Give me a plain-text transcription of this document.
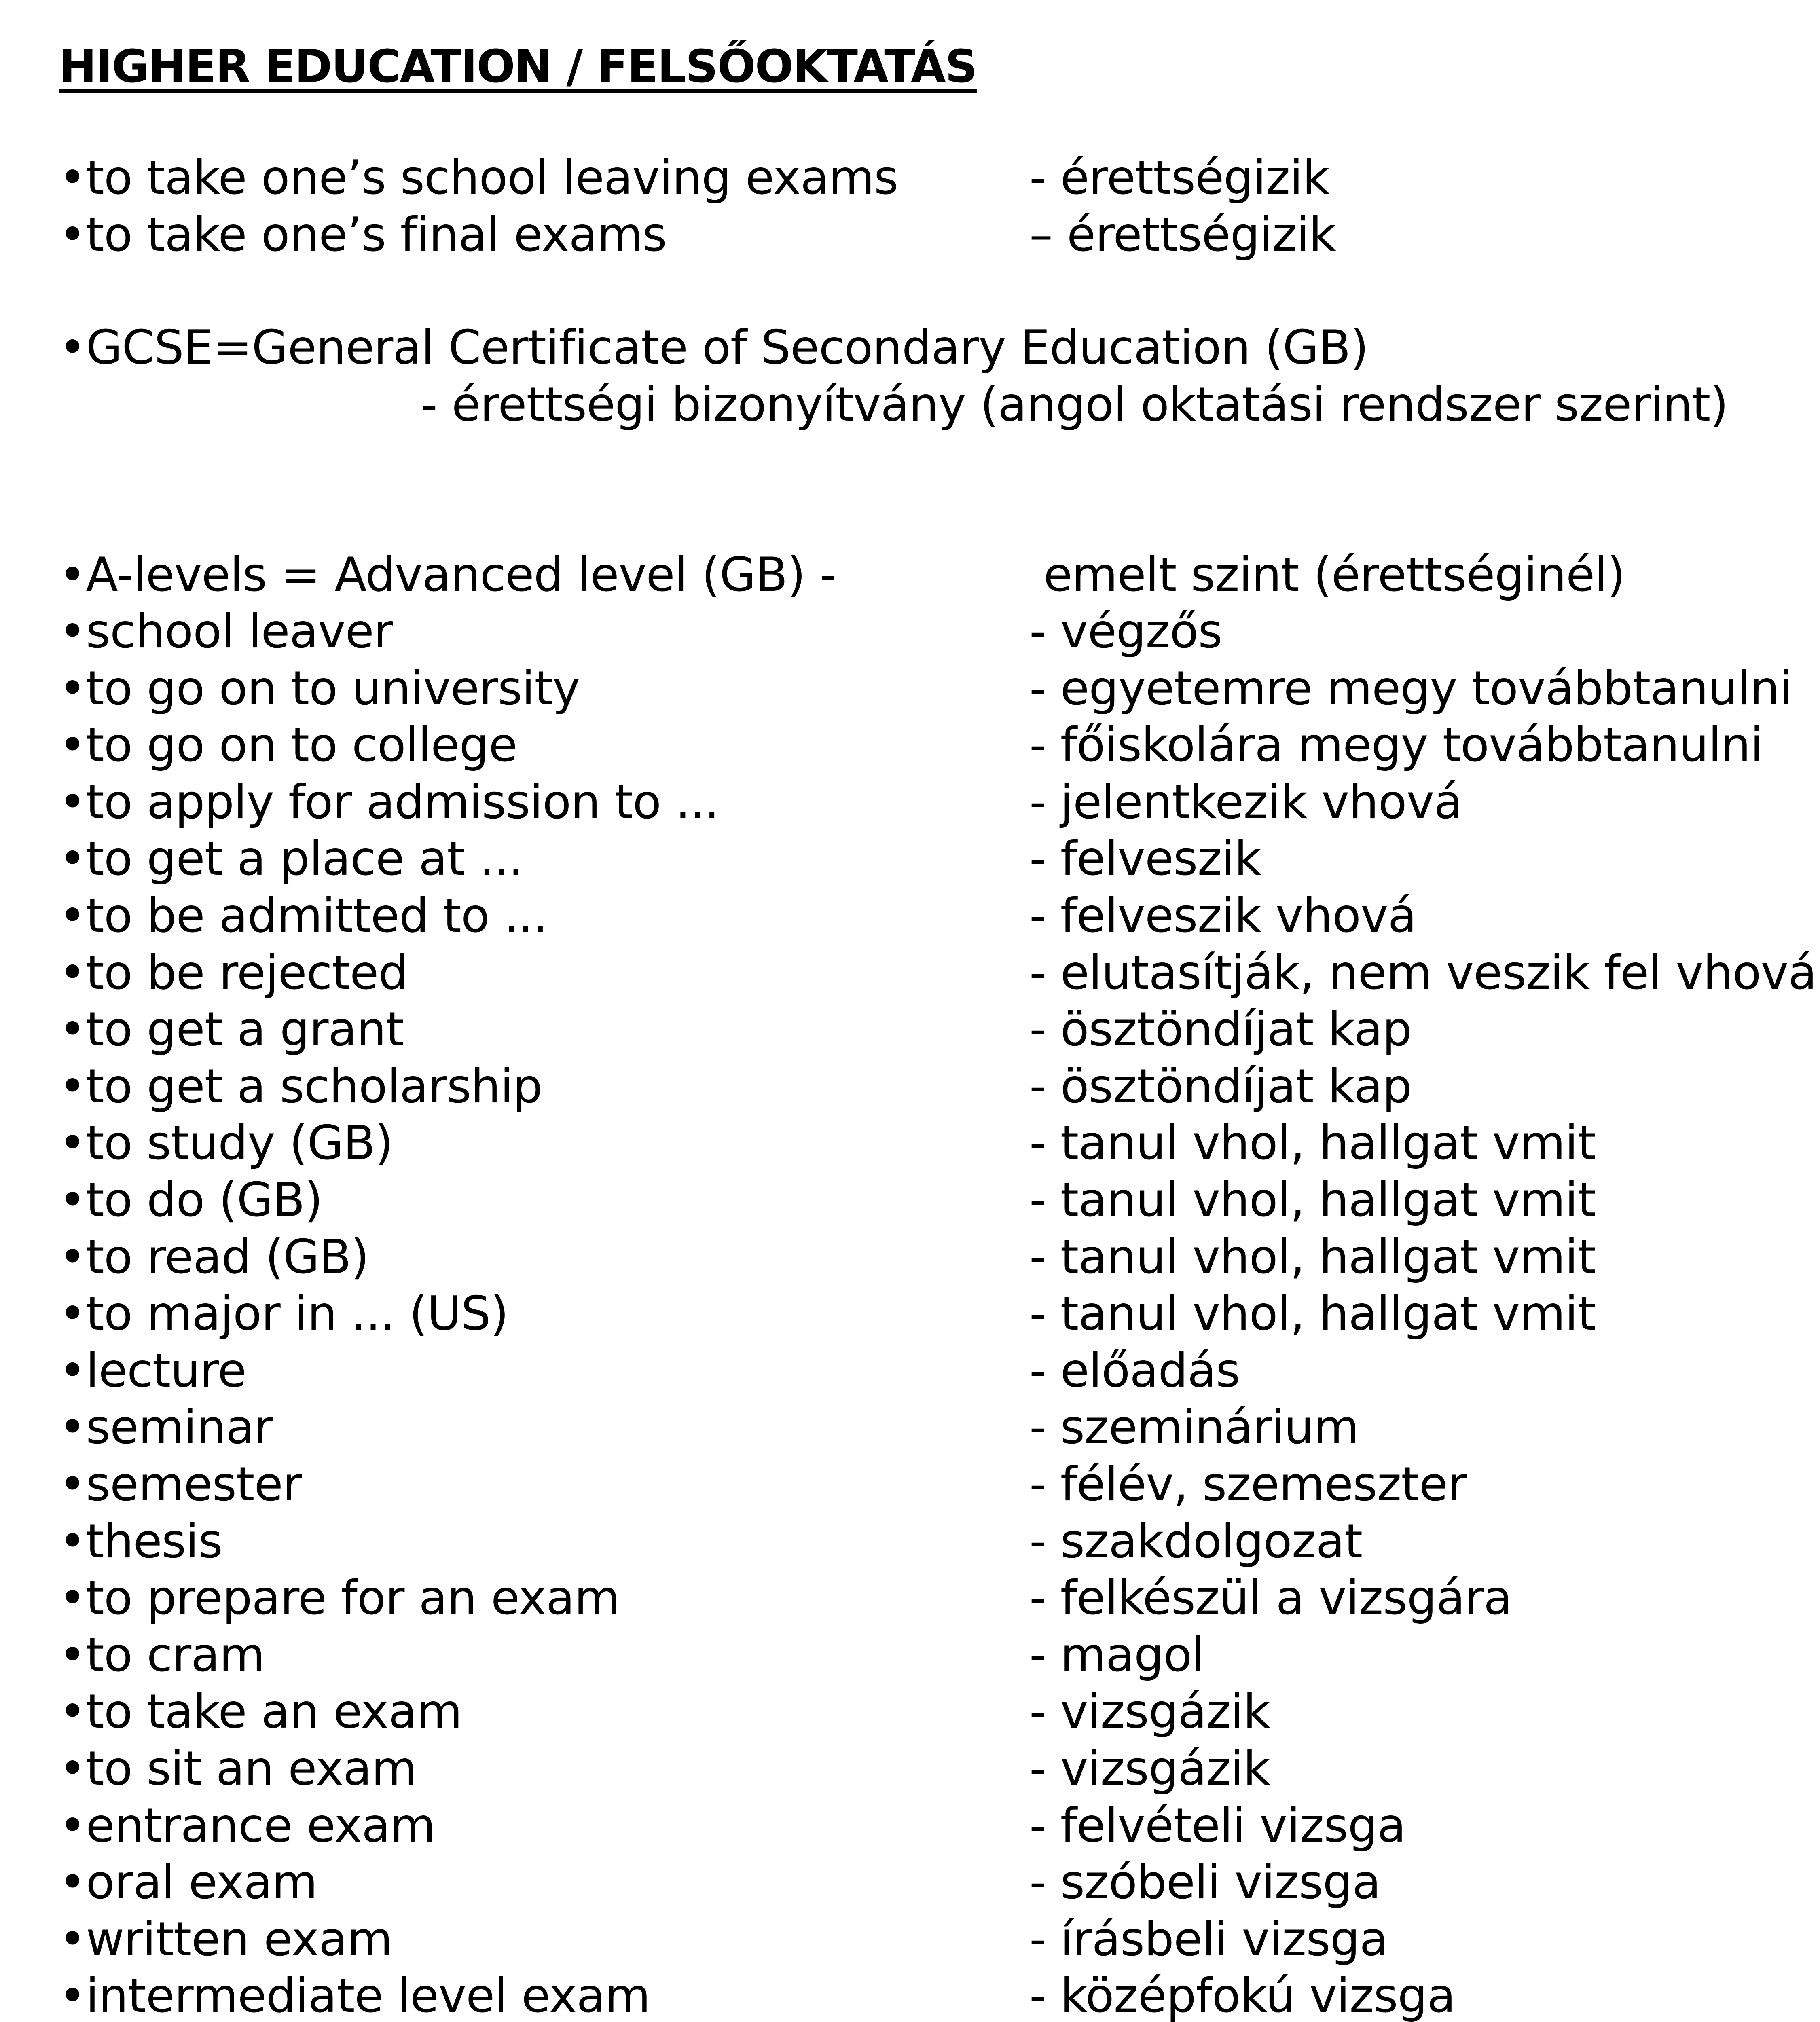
HIGHER EDUCATION / FELSŐOKTATÁS
•to take one’s school leaving exams	- érettségizik
•to take one’s final exams	– érettségizik
•GCSE=General Certificate of Secondary Education (GB)
- érettségi bizonyítvány (angol oktatási rendszer szerint)
•A-levels = Advanced level (GB) -	emelt szint (érettséginél)
•school leaver	- végzős
•to go on to university	- egyetemre megy továbbtanulni
•to go on to college	- főiskolára megy továbbtanulni
•to apply for admission to ...	- jelentkezik vhová
•to get a place at ...	- felveszik
•to be admitted to ...	- felveszik vhová
•to be rejected	- elutasítják, nem veszik fel vhová
•to get a grant	- ösztöndíjat kap
•to get a scholarship	- ösztöndíjat kap
•to study (GB)	- tanul vhol, hallgat vmit
•to do (GB)	- tanul vhol, hallgat vmit
•to read (GB)	- tanul vhol, hallgat vmit
•to major in ... (US)	- tanul vhol, hallgat vmit
•lecture	- előadás
•seminar	- szeminárium
•semester	- félév, szemeszter
•thesis	- szakdolgozat
•to prepare for an exam	- felkészül a vizsgára
•to cram	- magol
•to take an exam	- vizsgázik
•to sit an exam	- vizsgázik
•entrance exam	- felvételi vizsga
•oral exam	- szóbeli vizsga
•written exam	- írásbeli vizsga
•intermediate level exam	- középfokú vizsga
